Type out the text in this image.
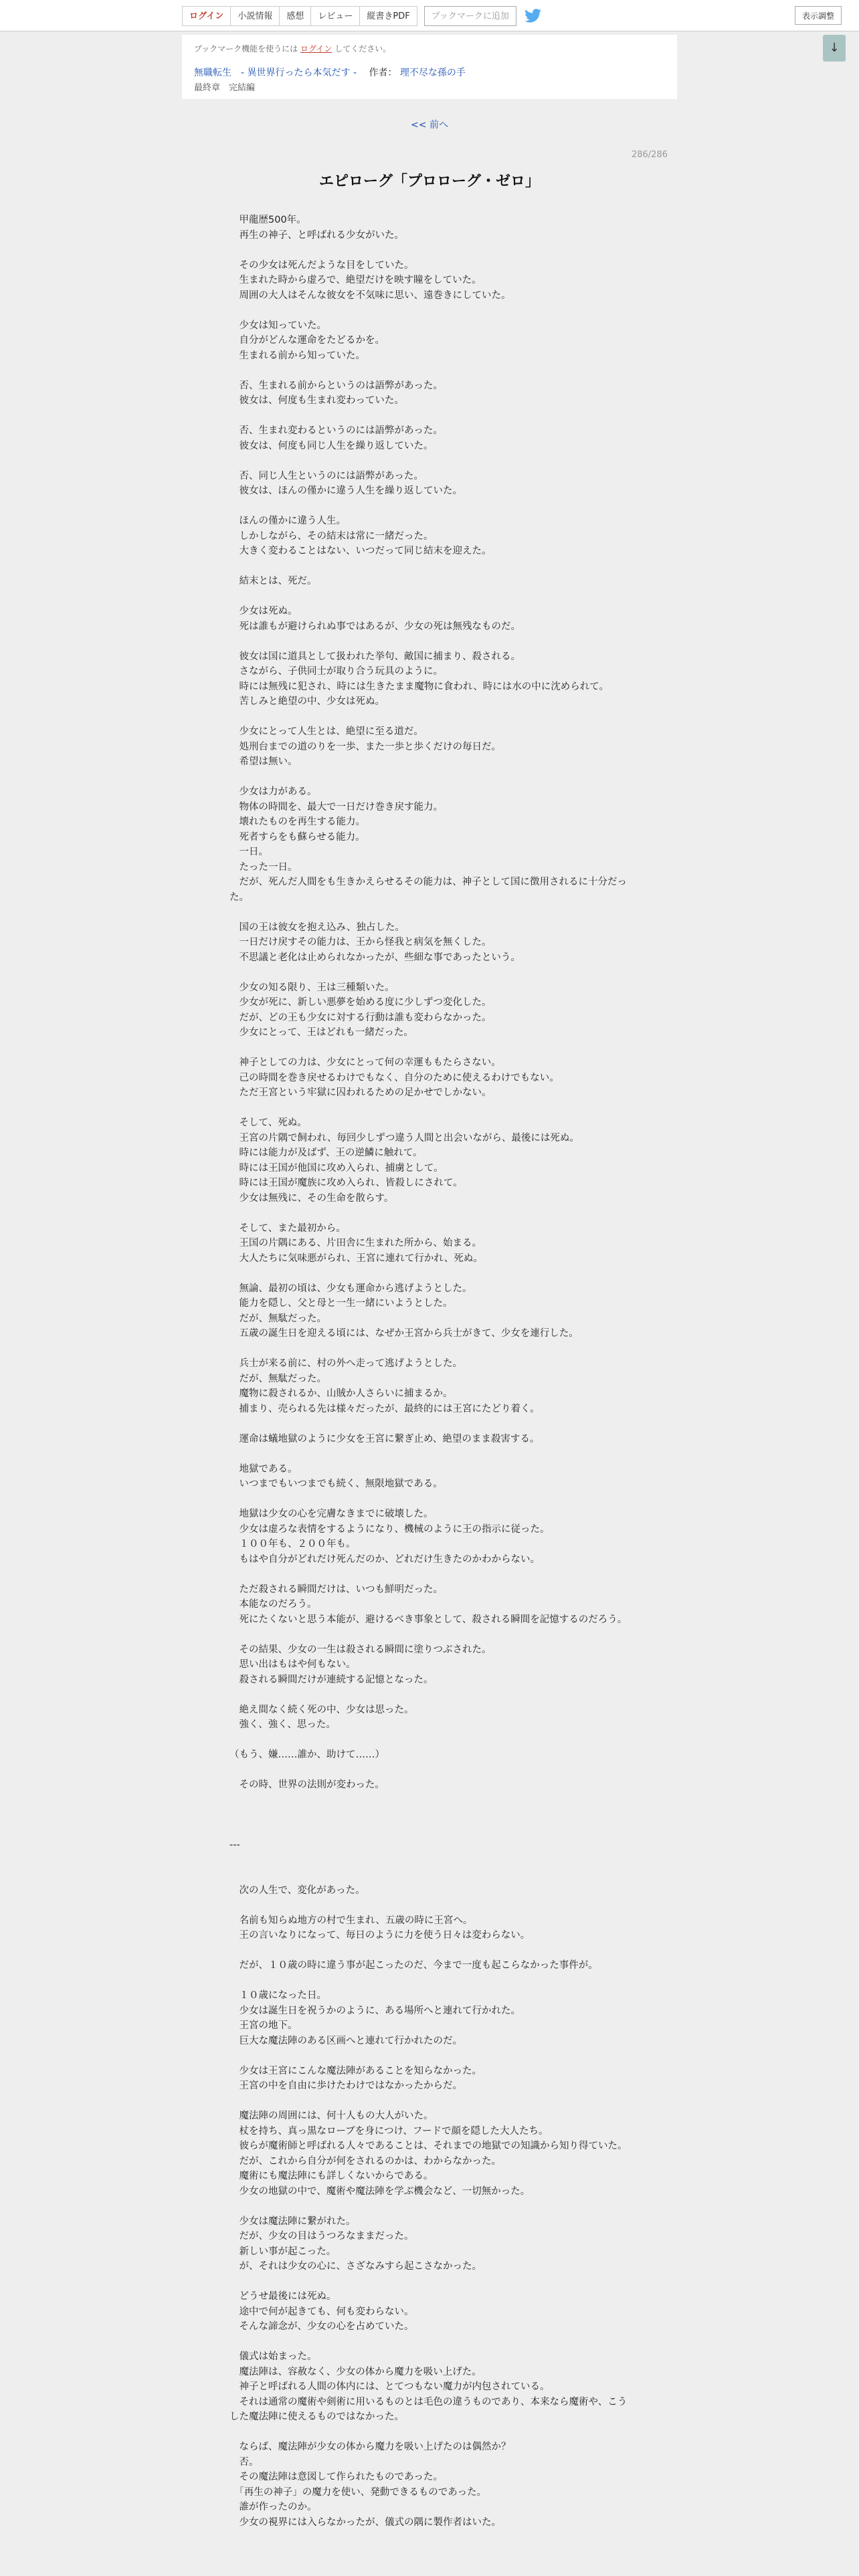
ログイン	小説情報	感想	レビュー	縦書きPDF	ブックマークに追加	表示調整
ブックマーク機能を使うには ログイン してください。
無職転生　- 異世界行ったら本気だす - 作者： 理不尽な孫の手
最終章　完結編
↓
<< 前へ
286/286
エピローグ「プロローグ・ゼロ」
　甲龍歴500年。
　再生の神子、と呼ばれる少女がいた。
　その少女は死んだような目をしていた。
　生まれた時から虚ろで、絶望だけを映す瞳をしていた。
　周囲の大人はそんな彼女を不気味に思い、遠巻きにしていた。
　少女は知っていた。
　自分がどんな運命をたどるかを。
　生まれる前から知っていた。
　否、生まれる前からというのは語弊があった。
　彼女は、何度も生まれ変わっていた。
　否、生まれ変わるというのには語弊があった。
　彼女は、何度も同じ人生を繰り返していた。
　否、同じ人生というのには語弊があった。
　彼女は、ほんの僅かに違う人生を繰り返していた。
　ほんの僅かに違う人生。
　しかしながら、その結末は常に一緒だった。
　大きく変わることはない、いつだって同じ結末を迎えた。
　結末とは、死だ。
　少女は死ぬ。
　死は誰もが避けられぬ事ではあるが、少女の死は無残なものだ。
　彼女は国に道具として扱われた挙句、敵国に捕まり、殺される。
　さながら、子供同士が取り合う玩具のように。
　時には無残に犯され、時には生きたまま魔物に食われ、時には水の中に沈められて。
　苦しみと絶望の中、少女は死ぬ。
　少女にとって人生とは、絶望に至る道だ。
　処刑台までの道のりを一歩、また一歩と歩くだけの毎日だ。
　希望は無い。
　少女は力がある。
　物体の時間を、最大で一日だけ巻き戻す能力。
　壊れたものを再生する能力。
　死者すらをも蘇らせる能力。
　一日。
　たった一日。
　だが、死んだ人間をも生きかえらせるその能力は、神子として国に徴用されるに十分だった。
　国の王は彼女を抱え込み、独占した。
　一日だけ戻すその能力は、王から怪我と病気を無くした。
　不思議と老化は止められなかったが、些細な事であったという。
　少女の知る限り、王は三種類いた。
　少女が死に、新しい悪夢を始める度に少しずつ変化した。
　だが、どの王も少女に対する行動は誰も変わらなかった。
　少女にとって、王はどれも一緒だった。
　神子としての力は、少女にとって何の幸運ももたらさない。
　己の時間を巻き戻せるわけでもなく、自分のために使えるわけでもない。
　ただ王宮という牢獄に囚われるための足かせでしかない。
　そして、死ぬ。
　王宮の片隅で飼われ、毎回少しずつ違う人間と出会いながら、最後には死ぬ。
　時には能力が及ばず、王の逆鱗に触れて。
　時には王国が他国に攻め入られ、捕虜として。
　時には王国が魔族に攻め入られ、皆殺しにされて。
　少女は無残に、その生命を散らす。
　そして、また最初から。
　王国の片隅にある、片田舎に生まれた所から、始まる。
　大人たちに気味悪がられ、王宮に連れて行かれ、死ぬ。
　無論、最初の頃は、少女も運命から逃げようとした。
　能力を隠し、父と母と一生一緒にいようとした。
　だが、無駄だった。
　五歳の誕生日を迎える頃には、なぜか王宮から兵士がきて、少女を連行した。
　兵士が来る前に、村の外へ走って逃げようとした。
　だが、無駄だった。
　魔物に殺されるか、山賊か人さらいに捕まるか。
　捕まり、売られる先は様々だったが、最終的には王宮にたどり着く。
　運命は蟻地獄のように少女を王宮に繋ぎ止め、絶望のまま殺害する。
　地獄である。
　いつまでもいつまでも続く、無限地獄である。
　地獄は少女の心を完膚なきまでに破壊した。
　少女は虚ろな表情をするようになり、機械のように王の指示に従った。
　１００年も、２００年も。
　もはや自分がどれだけ死んだのか、どれだけ生きたのかわからない。
　ただ殺される瞬間だけは、いつも鮮明だった。
　本能なのだろう。
　死にたくないと思う本能が、避けるべき事象として、殺される瞬間を記憶するのだろう。
　その結果、少女の一生は殺される瞬間に塗りつぶされた。
　思い出はもはや何もない。
　殺される瞬間だけが連続する記憶となった。
　絶え間なく続く死の中、少女は思った。
　強く、強く、思った。
（もう、嫌……誰か、助けて……）
　その時、世界の法則が変わった。
---
　次の人生で、変化があった。
　名前も知らぬ地方の村で生まれ、五歳の時に王宮へ。
　王の言いなりになって、毎日のように力を使う日々は変わらない。
　だが、１０歳の時に違う事が起こったのだ、今まで一度も起こらなかった事件が。
　１０歳になった日。
　少女は誕生日を祝うかのように、ある場所へと連れて行かれた。
　王宮の地下。
　巨大な魔法陣のある区画へと連れて行かれたのだ。
　少女は王宮にこんな魔法陣があることを知らなかった。
　王宮の中を自由に歩けたわけではなかったからだ。
　魔法陣の周囲には、何十人もの大人がいた。
　杖を持ち、真っ黒なローブを身につけ、フードで顔を隠した大人たち。
　彼らが魔術師と呼ばれる人々であることは、それまでの地獄での知識から知り得ていた。
　だが、これから自分が何をされるのかは、わからなかった。
　魔術にも魔法陣にも詳しくないからである。
　少女の地獄の中で、魔術や魔法陣を学ぶ機会など、一切無かった。
　少女は魔法陣に繋がれた。
　だが、少女の目はうつろなままだった。
　新しい事が起こった。
　が、それは少女の心に、さざなみすら起こさなかった。
　どうせ最後には死ぬ。
　途中で何が起きても、何も変わらない。
　そんな諦念が、少女の心を占めていた。
　儀式は始まった。
　魔法陣は、容赦なく、少女の体から魔力を吸い上げた。
　神子と呼ばれる人間の体内には、とてつもない魔力が内包されている。
　それは通常の魔術や剣術に用いるものとは毛色の違うものであり、本来なら魔術や、こうした魔法陣に使えるものではなかった。
　ならば、魔法陣が少女の体から魔力を吸い上げたのは偶然か？
　否。
　その魔法陣は意図して作られたものであった。
　「再生の神子」の魔力を使い、発動できるものであった。
　誰が作ったのか。
　少女の視界には入らなかったが、儀式の隅に製作者はいた。
